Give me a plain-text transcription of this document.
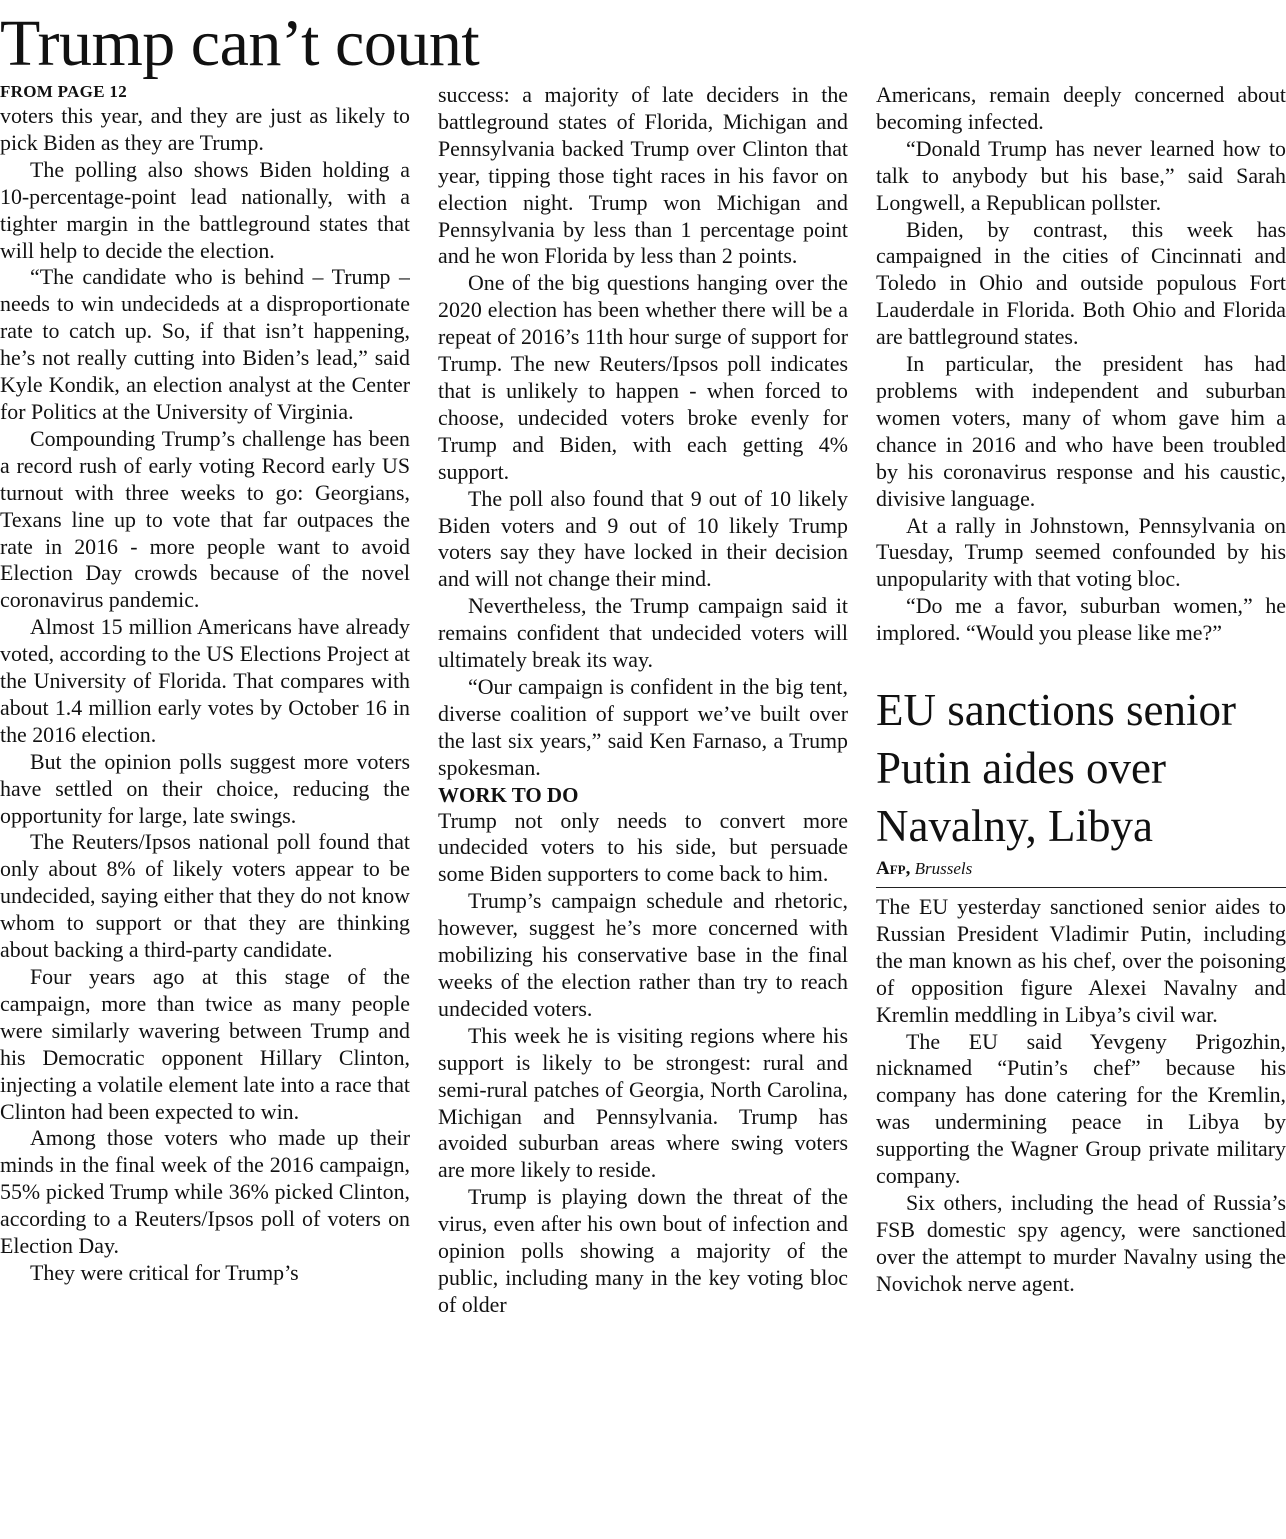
Trump can’t count
FROM PAGE 12

voters this year, and they are just as likely to pick Biden as they are Trump.

The polling also shows Biden holding a 10-percentage-point lead nationally, with a tighter margin in the battleground states that will help to decide the election.

“The candidate who is behind – Trump – needs to win undecideds at a disproportionate rate to catch up. So, if that isn’t happening, he’s not really cutting into Biden’s lead,” said Kyle Kondik, an election analyst at the Center for Politics at the University of Virginia.

Compounding Trump’s challenge has been a record rush of early voting Record early US turnout with three weeks to go: Georgians, Texans line up to vote that far outpaces the rate in 2016 - more people want to avoid Election Day crowds because of the novel coronavirus pandemic.

Almost 15 million Americans have already voted, according to the US Elections Project at the University of Florida. That compares with about 1.4 million early votes by October 16 in the 2016 election.

But the opinion polls suggest more voters have settled on their choice, reducing the opportunity for large, late swings.

The Reuters/Ipsos national poll found that only about 8% of likely voters appear to be undecided, saying either that they do not know whom to support or that they are thinking about backing a third-party candidate.

Four years ago at this stage of the campaign, more than twice as many people were similarly wavering between Trump and his Democratic opponent Hillary Clinton, injecting a volatile element late into a race that Clinton had been expected to win.

Among those voters who made up their minds in the final week of the 2016 campaign, 55% picked Trump while 36% picked Clinton, according to a Reuters/Ipsos poll of voters on Election Day.

They were critical for Trump’s

success: a majority of late deciders in the battleground states of Florida, Michigan and Pennsylvania backed Trump over Clinton that year, tipping those tight races in his favor on election night. Trump won Michigan and Pennsylvania by less than 1 percentage point and he won Florida by less than 2 points.

One of the big questions hanging over the 2020 election has been whether there will be a repeat of 2016’s 11th hour surge of support for Trump. The new Reuters/Ipsos poll indicates that is unlikely to happen - when forced to choose, undecided voters broke evenly for Trump and Biden, with each getting 4% support.

The poll also found that 9 out of 10 likely Biden voters and 9 out of 10 likely Trump voters say they have locked in their decision and will not change their mind.

Nevertheless, the Trump campaign said it remains confident that undecided voters will ultimately break its way.

“Our campaign is confident in the big tent, diverse coalition of support we’ve built over the last six years,” said Ken Farnaso, a Trump spokesman.

WORK TO DO

Trump not only needs to convert more undecided voters to his side, but persuade some Biden supporters to come back to him.

Trump’s campaign schedule and rhetoric, however, suggest he’s more concerned with mobilizing his conservative base in the final weeks of the election rather than try to reach undecided voters.

This week he is visiting regions where his support is likely to be strongest: rural and semi-rural patches of Georgia, North Carolina, Michigan and Pennsylvania. Trump has avoided suburban areas where swing voters are more likely to reside.

Trump is playing down the threat of the virus, even after his own bout of infection and opinion polls showing a majority of the public, including many in the key voting bloc of older

Americans, remain deeply concerned about becoming infected.

“Donald Trump has never learned how to talk to anybody but his base,” said Sarah Longwell, a Republican pollster.

Biden, by contrast, this week has campaigned in the cities of Cincinnati and Toledo in Ohio and outside populous Fort Lauderdale in Florida. Both Ohio and Florida are battleground states.

In particular, the president has had problems with independent and suburban women voters, many of whom gave him a chance in 2016 and who have been troubled by his coronavirus response and his caustic, divisive language.

At a rally in Johnstown, Pennsylvania on Tuesday, Trump seemed confounded by his unpopularity with that voting bloc.

“Do me a favor, suburban women,” he implored. “Would you please like me?”

EU sanctions senior Putin aides over Navalny, Libya
Afp, Brussels

The EU yesterday sanctioned senior aides to Russian President Vladimir Putin, including the man known as his chef, over the poisoning of opposition figure Alexei Navalny and Kremlin meddling in Libya’s civil war.

The EU said Yevgeny Prigozhin, nicknamed “Putin’s chef” because his company has done catering for the Kremlin, was undermining peace in Libya by supporting the Wagner Group private military company.

Six others, including the head of Russia’s FSB domestic spy agency, were sanctioned over the attempt to murder Navalny using the Novichok nerve agent.
